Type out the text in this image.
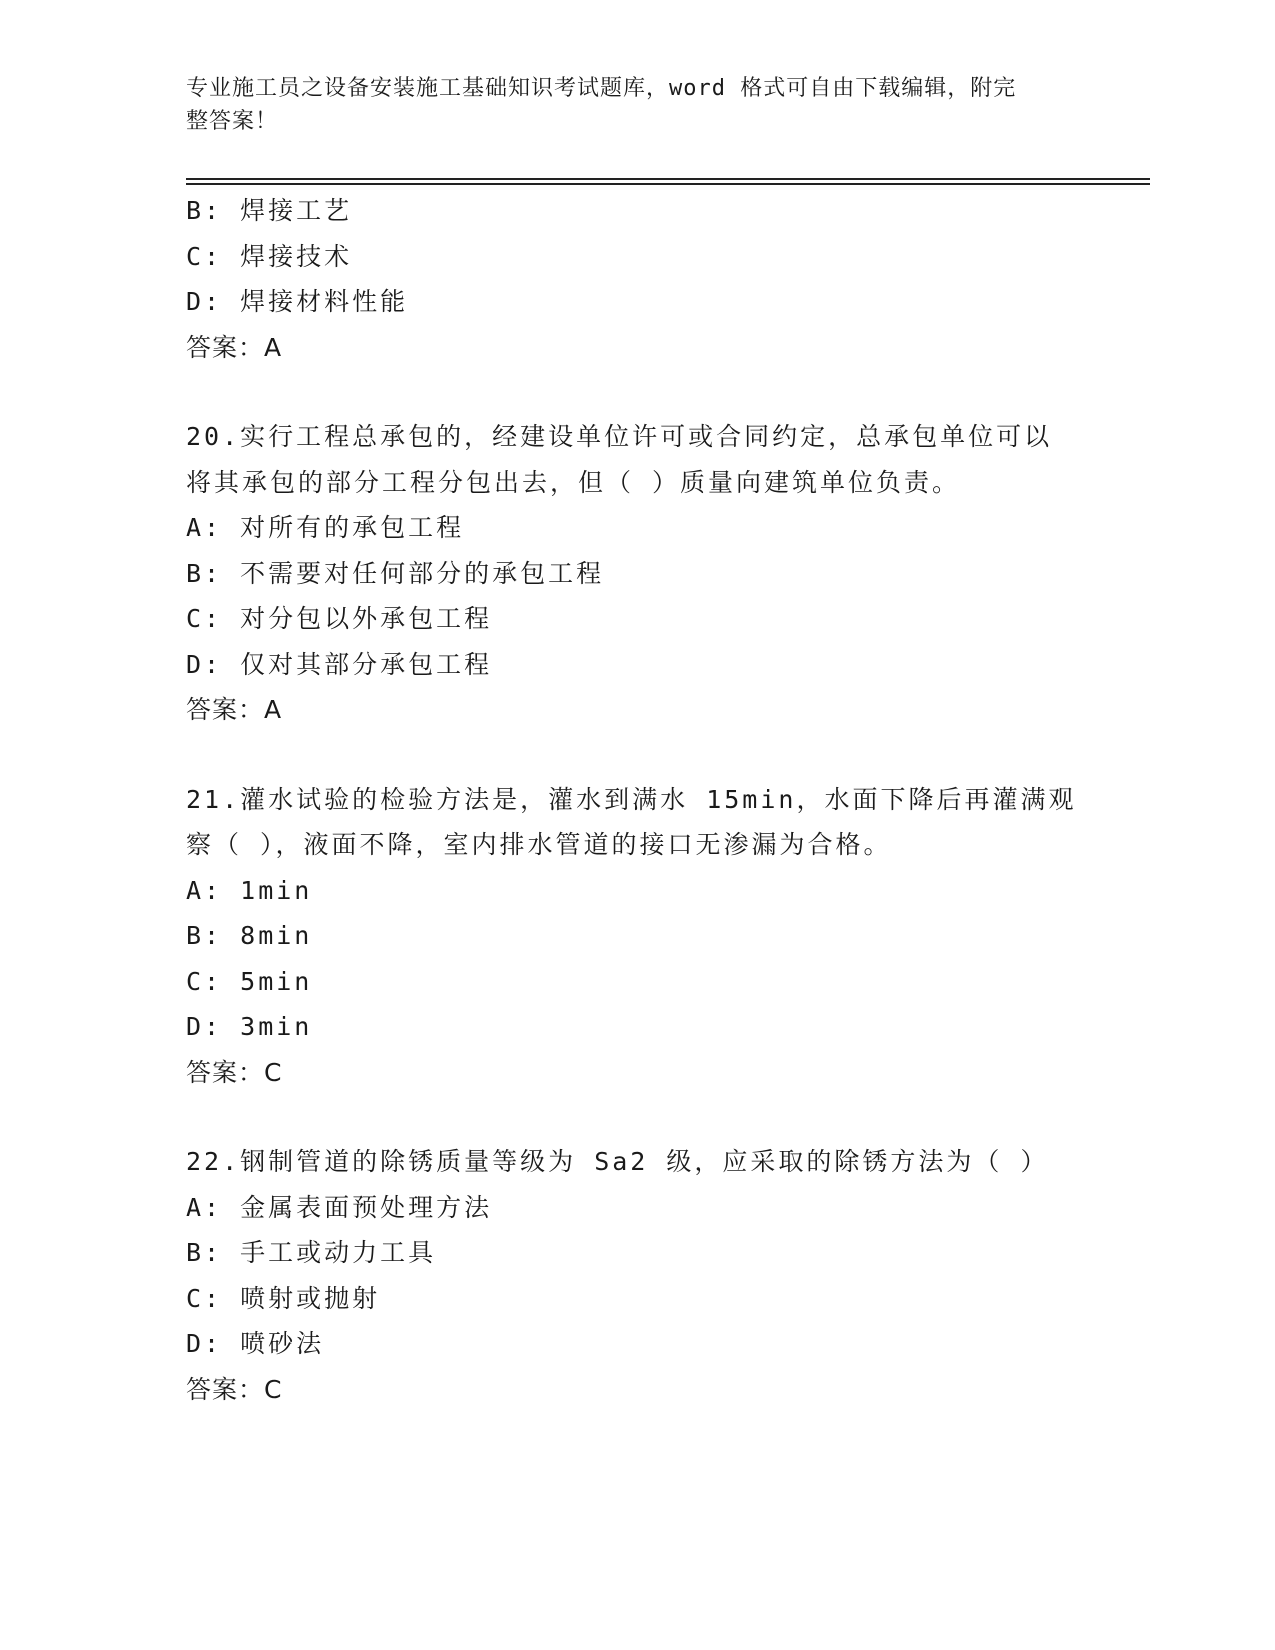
专业施工员之设备安装施工基础知识考试题库，word 格式可自由下载编辑，附完
整答案！
B: 焊接工艺
C: 焊接技术
D: 焊接材料性能
答案：A
20.实行工程总承包的，经建设单位许可或合同约定，总承包单位可以
将其承包的部分工程分包出去，但（ ）质量向建筑单位负责。
A: 对所有的承包工程
B: 不需要对任何部分的承包工程
C: 对分包以外承包工程
D: 仅对其部分承包工程
答案：A
21.灌水试验的检验方法是，灌水到满水 15min，水面下降后再灌满观
察（ ），液面不降，室内排水管道的接口无渗漏为合格。
A: 1min
B: 8min
C: 5min
D: 3min
答案：C
22.钢制管道的除锈质量等级为 Sa2 级，应采取的除锈方法为（ ）
A: 金属表面预处理方法
B: 手工或动力工具
C: 喷射或抛射
D: 喷砂法
答案：C
